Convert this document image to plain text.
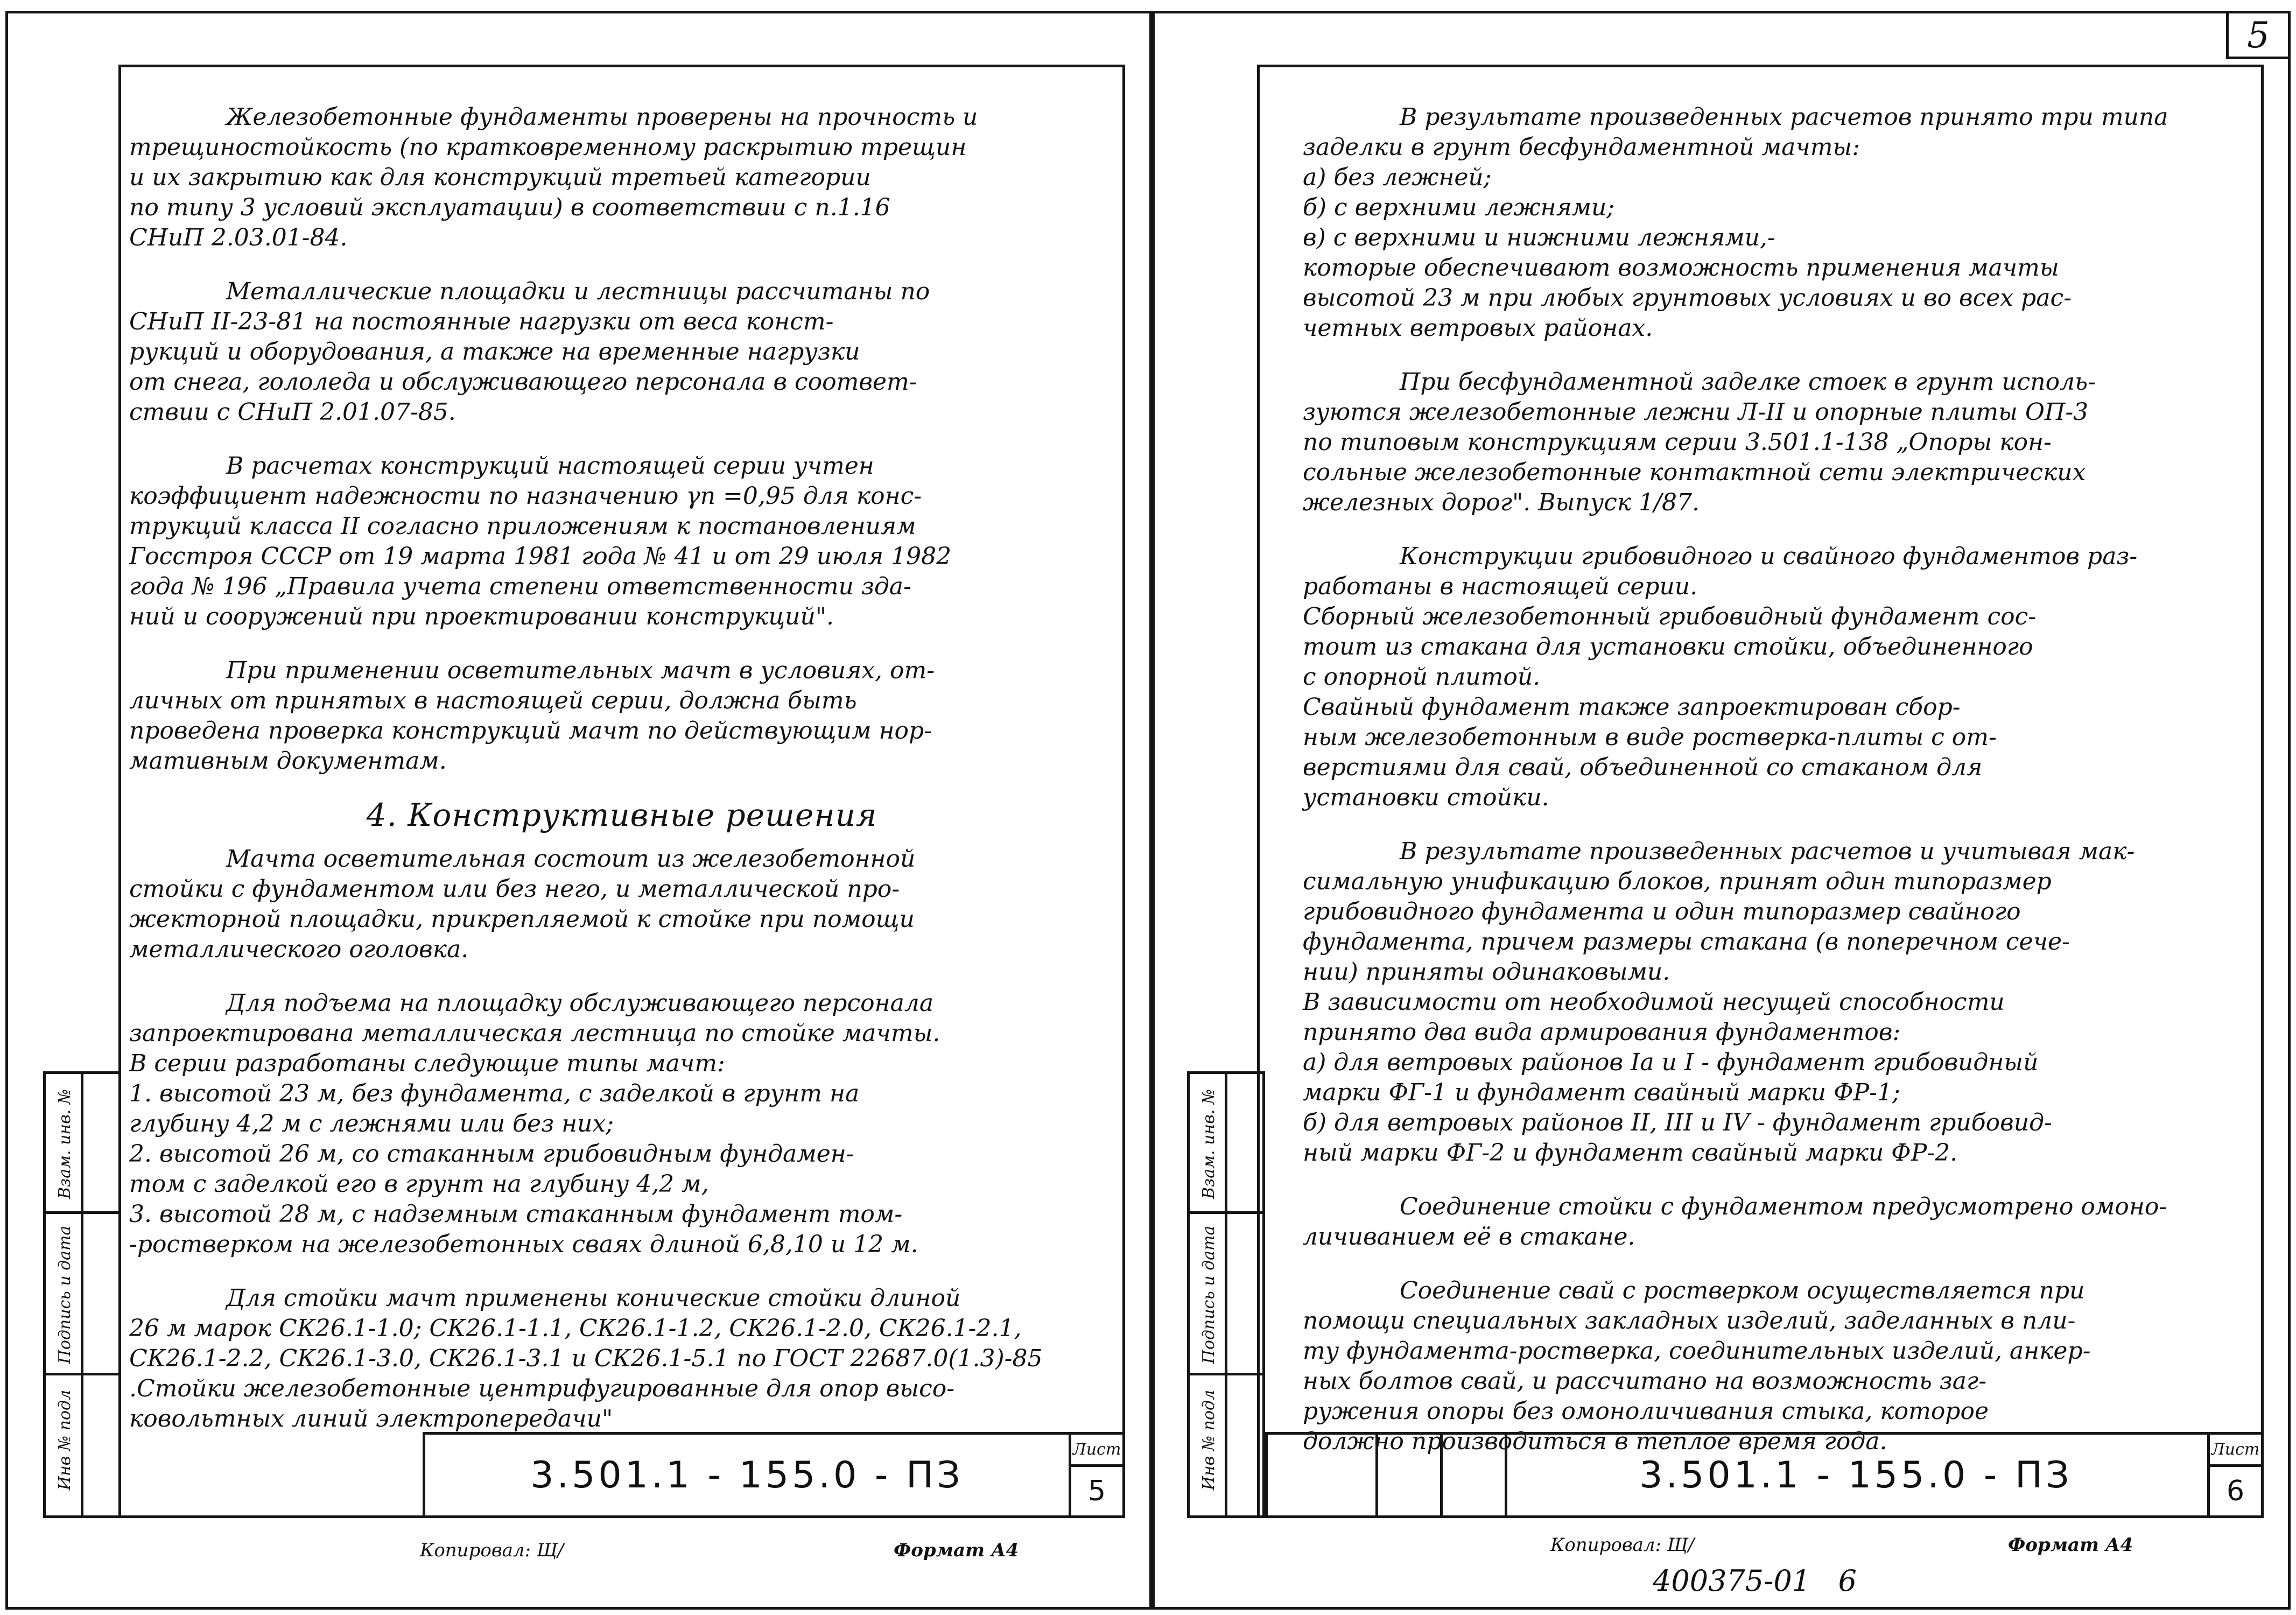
5
Железобетонные фундаменты проверены на прочность и
трещиностойкость (по кратковременному раскрытию трещин
и их закрытию как для конструкций третьей категории
по типу 3 условий эксплуатации) в соответствии с п.1.16
СНиП 2.03.01-84.
Металлические площадки и лестницы рассчитаны по
СНиП II-23-81 на постоянные нагрузки от веса конст-
рукций и оборудования, а также на временные нагрузки
от снега, гололеда и обслуживающего персонала в соответ-
ствии с СНиП 2.01.07-85.
В расчетах конструкций настоящей серии учтен
коэффициент надежности по назначению γn =0,95 для конс-
трукций класса II согласно приложениям к постановлениям
Госстроя СССР от 19 марта 1981 года № 41 и от 29 июля 1982
года № 196 „Правила учета степени ответственности зда-
ний и сооружений при проектировании конструкций".
При применении осветительных мачт в условиях, от-
личных от принятых в настоящей серии, должна быть
проведена проверка конструкций мачт по действующим нор-
мативным документам.
4. Конструктивные решения
Мачта осветительная состоит из железобетонной
стойки с фундаментом или без него, и металлической про-
жекторной площадки, прикрепляемой к стойке при помощи
металлического оголовка.
Для подъема на площадку обслуживающего персонала
запроектирована металлическая лестница по стойке мачты.
В серии разработаны следующие типы мачт:
1. высотой 23 м, без фундамента, с заделкой в грунт на
глубину 4,2 м с лежнями или без них;
2. высотой 26 м, со стаканным грибовидным фундамен-
том с заделкой его в грунт на глубину 4,2 м,
3. высотой 28 м, с надземным стаканным фундамент том-
-ростверком на железобетонных сваях длиной 6,8,10 и 12 м.
Для стойки мачт применены конические стойки длиной
26 м марок СК26.1-1.0; СК26.1-1.1, СК26.1-1.2, СК26.1-2.0, СК26.1-2.1,
СК26.1-2.2, СК26.1-3.0, СК26.1-3.1 и СК26.1-5.1 по ГОСТ 22687.0(1.3)-85
.Стойки железобетонные центрифугированные для опор высо-
ковольтных линий электропередачи"
Инв № подл
Подпись и дата
Взам. инв. №
3.501.1 - 155.0 - ПЗ
Лист
5
Копировал: Щ/	Формат А4
В результате произведенных расчетов принято три типа
заделки в грунт бесфундаментной мачты:
а) без лежней;
б) с верхними лежнями;
в) с верхними и нижними лежнями,-
которые обеспечивают возможность применения мачты
высотой 23 м при любых грунтовых условиях и во всех рас-
четных ветровых районах.
При бесфундаментной заделке стоек в грунт исполь-
зуются железобетонные лежни Л-II и опорные плиты ОП-3
по типовым конструкциям серии 3.501.1-138 „Опоры кон-
сольные железобетонные контактной сети электрических
железных дорог". Выпуск 1/87.
Конструкции грибовидного и свайного фундаментов раз-
работаны в настоящей серии.
Сборный железобетонный грибовидный фундамент сос-
тоит из стакана для установки стойки, объединенного
с опорной плитой.
Свайный фундамент также запроектирован сбор-
ным железобетонным в виде ростверка-плиты с от-
верстиями для свай, объединенной со стаканом для
установки стойки.
В результате произведенных расчетов и учитывая мак-
симальную унификацию блоков, принят один типоразмер
грибовидного фундамента и один типоразмер свайного
фундамента, причем размеры стакана (в поперечном сече-
нии) приняты одинаковыми.
В зависимости от необходимой несущей способности
принято два вида армирования фундаментов:
а) для ветровых районов Iа и I - фундамент грибовидный
марки ФГ-1 и фундамент свайный марки ФР-1;
б) для ветровых районов II, III и IV - фундамент грибовид-
ный марки ФГ-2 и фундамент свайный марки ФР-2.
Соединение стойки с фундаментом предусмотрено омоно-
личиванием её в стакане.
Соединение свай с ростверком осуществляется при
помощи специальных закладных изделий, заделанных в пли-
ту фундамента-ростверка, соединительных изделий, анкер-
ных болтов свай, и рассчитано на возможность заг-
ружения опоры без омоноличивания стыка, которое
должно производиться в теплое время года.
Инв № подл
Подпись и дата
Взам. инв. №
3.501.1 - 155.0 - ПЗ
Лист
6
Копировал: Щ/	Формат А4
400375-01   6
